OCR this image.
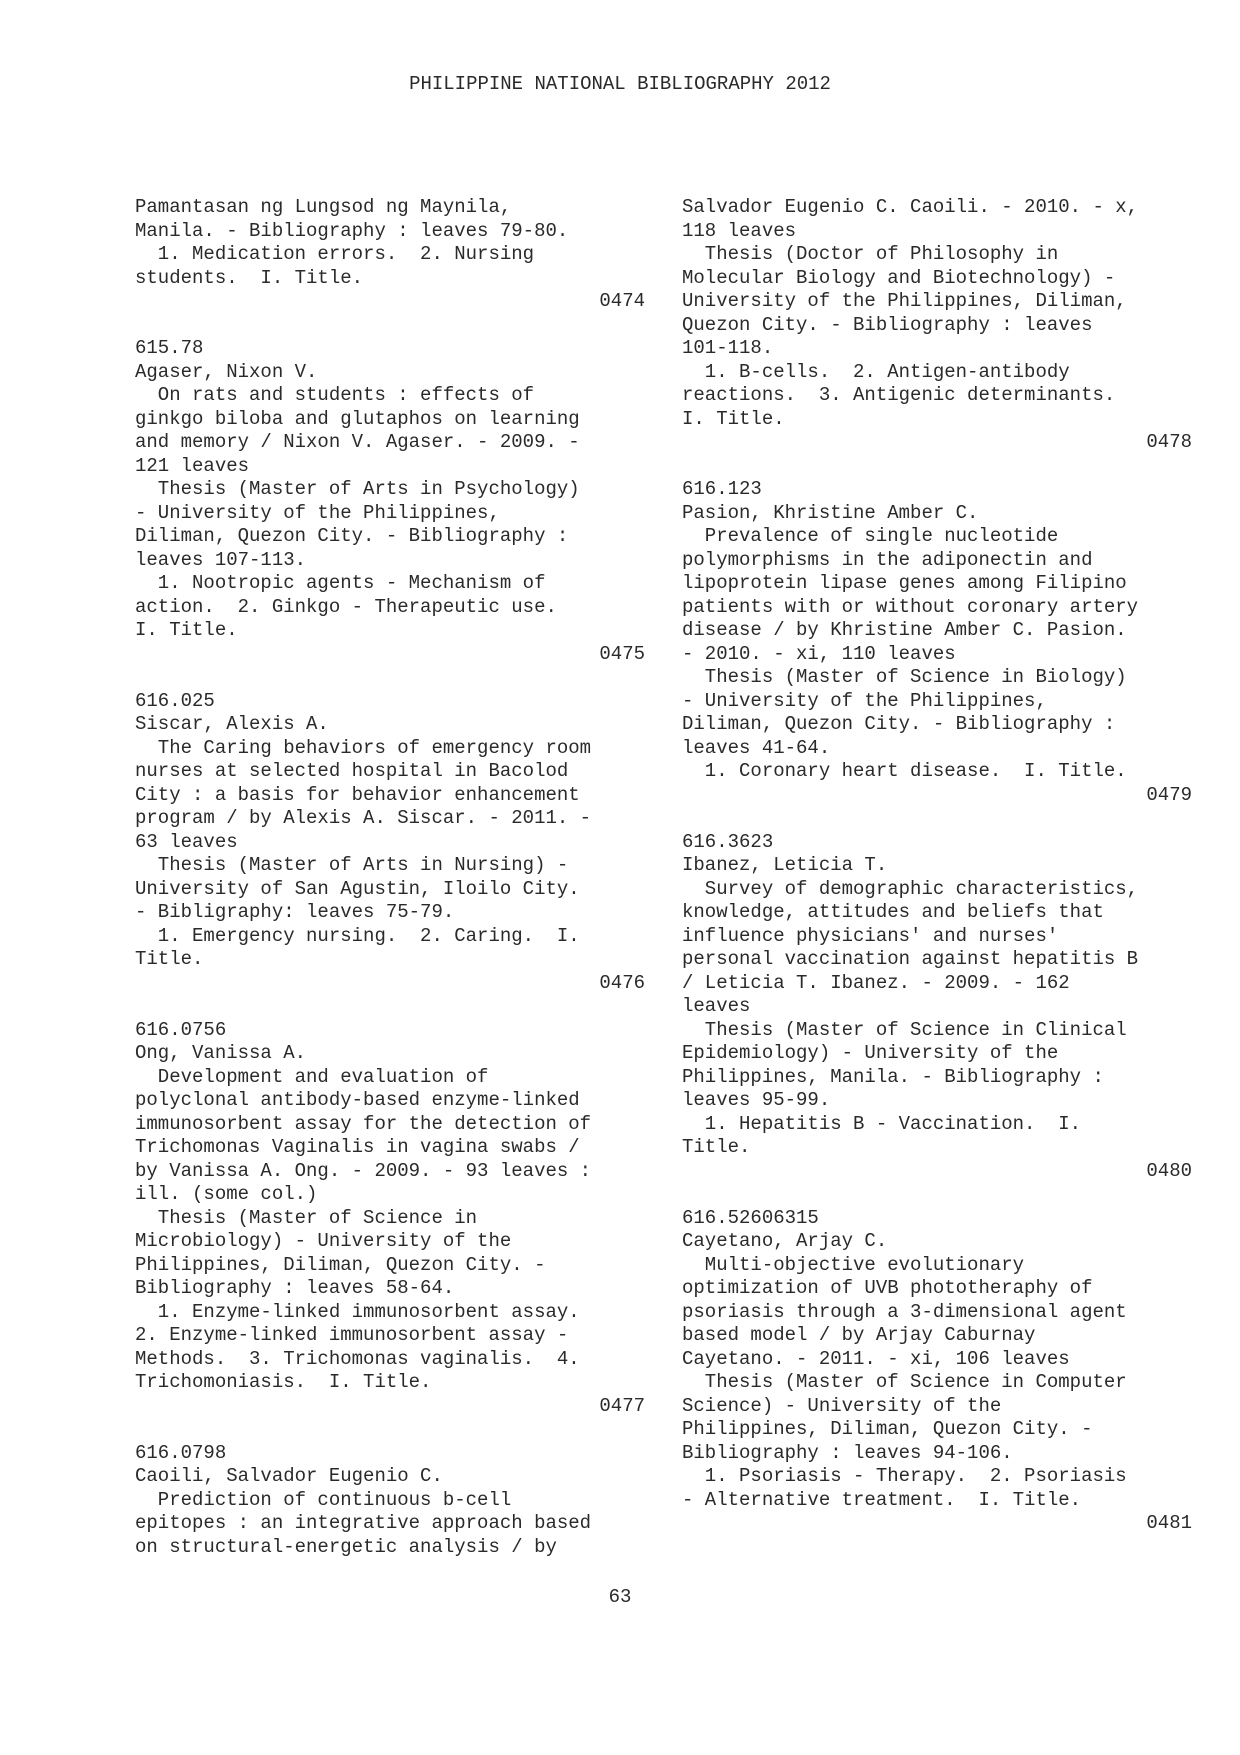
PHILIPPINE NATIONAL BIBLIOGRAPHY 2012
Pamantasan ng Lungsod ng Maynila,
Manila. - Bibliography : leaves 79-80.
1. Medication errors.  2. Nursing
students.  I. Title.
0474
615.78
Agaser, Nixon V.
On rats and students : effects of
ginkgo biloba and glutaphos on learning
and memory / Nixon V. Agaser. - 2009. -
121 leaves
Thesis (Master of Arts in Psychology)
- University of the Philippines,
Diliman, Quezon City. - Bibliography :
leaves 107-113.
1. Nootropic agents - Mechanism of
action.  2. Ginkgo - Therapeutic use.
I. Title.
0475
616.025
Siscar, Alexis A.
The Caring behaviors of emergency room
nurses at selected hospital in Bacolod
City : a basis for behavior enhancement
program / by Alexis A. Siscar. - 2011. -
63 leaves
Thesis (Master of Arts in Nursing) -
University of San Agustin, Iloilo City.
- Bibligraphy: leaves 75-79.
1. Emergency nursing.  2. Caring.  I.
Title.
0476
616.0756
Ong, Vanissa A.
Development and evaluation of
polyclonal antibody-based enzyme-linked
immunosorbent assay for the detection of
Trichomonas Vaginalis in vagina swabs /
by Vanissa A. Ong. - 2009. - 93 leaves :
ill. (some col.)
Thesis (Master of Science in
Microbiology) - University of the
Philippines, Diliman, Quezon City. -
Bibliography : leaves 58-64.
1. Enzyme-linked immunosorbent assay.
2. Enzyme-linked immunosorbent assay -
Methods.  3. Trichomonas vaginalis.  4.
Trichomoniasis.  I. Title.
0477
616.0798
Caoili, Salvador Eugenio C.
Prediction of continuous b-cell
epitopes : an integrative approach based
on structural-energetic analysis / by
Salvador Eugenio C. Caoili. - 2010. - x,
118 leaves
Thesis (Doctor of Philosophy in
Molecular Biology and Biotechnology) -
University of the Philippines, Diliman,
Quezon City. - Bibliography : leaves
101-118.
1. B-cells.  2. Antigen-antibody
reactions.  3. Antigenic determinants.
I. Title.
0478
616.123
Pasion, Khristine Amber C.
Prevalence of single nucleotide
polymorphisms in the adiponectin and
lipoprotein lipase genes among Filipino
patients with or without coronary artery
disease / by Khristine Amber C. Pasion.
- 2010. - xi, 110 leaves
Thesis (Master of Science in Biology)
- University of the Philippines,
Diliman, Quezon City. - Bibliography :
leaves 41-64.
1. Coronary heart disease.  I. Title.
0479
616.3623
Ibanez, Leticia T.
Survey of demographic characteristics,
knowledge, attitudes and beliefs that
influence physicians' and nurses'
personal vaccination against hepatitis B
/ Leticia T. Ibanez. - 2009. - 162
leaves
Thesis (Master of Science in Clinical
Epidemiology) - University of the
Philippines, Manila. - Bibliography :
leaves 95-99.
1. Hepatitis B - Vaccination.  I.
Title.
0480
616.52606315
Cayetano, Arjay C.
Multi-objective evolutionary
optimization of UVB phototheraphy of
psoriasis through a 3-dimensional agent
based model / by Arjay Caburnay
Cayetano. - 2011. - xi, 106 leaves
Thesis (Master of Science in Computer
Science) - University of the
Philippines, Diliman, Quezon City. -
Bibliography : leaves 94-106.
1. Psoriasis - Therapy.  2. Psoriasis
- Alternative treatment.  I. Title.
0481
63
